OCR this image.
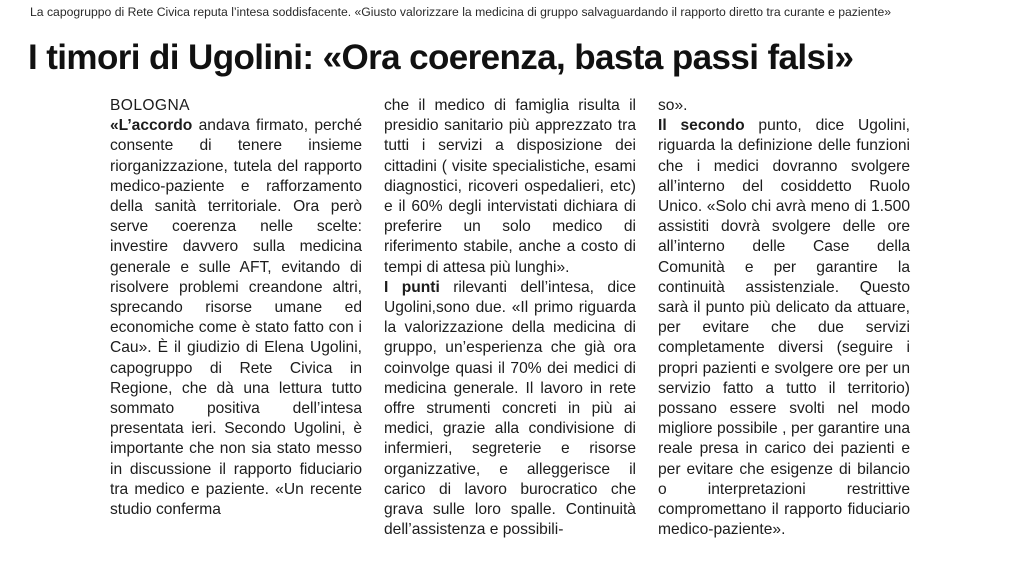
La capogruppo di Rete Civica reputa l’intesa soddisfacente. «Giusto valorizzare la medicina di gruppo salvaguardando il rapporto diretto tra curante e paziente»
I timori di Ugolini: «Ora coerenza, basta passi falsi»
BOLOGNA

«L’accordo andava firmato, perché consente di tenere insieme riorganizzazione, tutela del rapporto medico-paziente e rafforzamento della sanità territoriale. Ora però serve coerenza nelle scelte: investire davvero sulla medicina generale e sulle AFT, evitando di risolvere problemi creandone altri, sprecando risorse umane ed economiche come è stato fatto con i Cau». È il giudizio di Elena Ugolini, capogruppo di Rete Civica in Regione, che dà una lettura tutto sommato positiva dell’intesa presentata ieri. Secondo Ugolini, è importante che non sia stato messo in discussione il rapporto fiduciario tra medico e paziente. «Un recente studio conferma

che il medico di famiglia risulta il presidio sanitario più apprezzato tra tutti i servizi a disposizione dei cittadini ( visite specialistiche, esami diagnostici, ricoveri ospedalieri, etc) e il 60% degli intervistati dichiara di preferire un solo medico di riferimento stabile, anche a costo di tempi di attesa più lunghi».

I punti rilevanti dell’intesa, dice Ugolini,sono due. «Il primo riguarda la valorizzazione della medicina di gruppo, un’esperienza che già ora coinvolge quasi il 70% dei medici di medicina generale. Il lavoro in rete offre strumenti concreti in più ai medici, grazie alla condivisione di infermieri, segreterie e risorse organizzative, e alleggerisce il carico di lavoro burocratico che grava sulle loro spalle. Continuità dell’assistenza e possibili-

so».

Il secondo punto, dice Ugolini, riguarda la definizione delle funzioni che i medici dovranno svolgere all’interno del cosiddetto Ruolo Unico. «Solo chi avrà meno di 1.500 assistiti dovrà svolgere delle ore all’interno delle Case della Comunità e per garantire la continuità assistenziale. Questo sarà il punto più delicato da attuare, per evitare che due servizi completamente diversi (seguire i propri pazienti e svolgere ore per un servizio fatto a tutto il territorio) possano essere svolti nel modo migliore possibile , per garantire una reale presa in carico dei pazienti e per evitare che esigenze di bilancio o interpretazioni restrittive compromettano il rapporto fiduciario medico-paziente».
